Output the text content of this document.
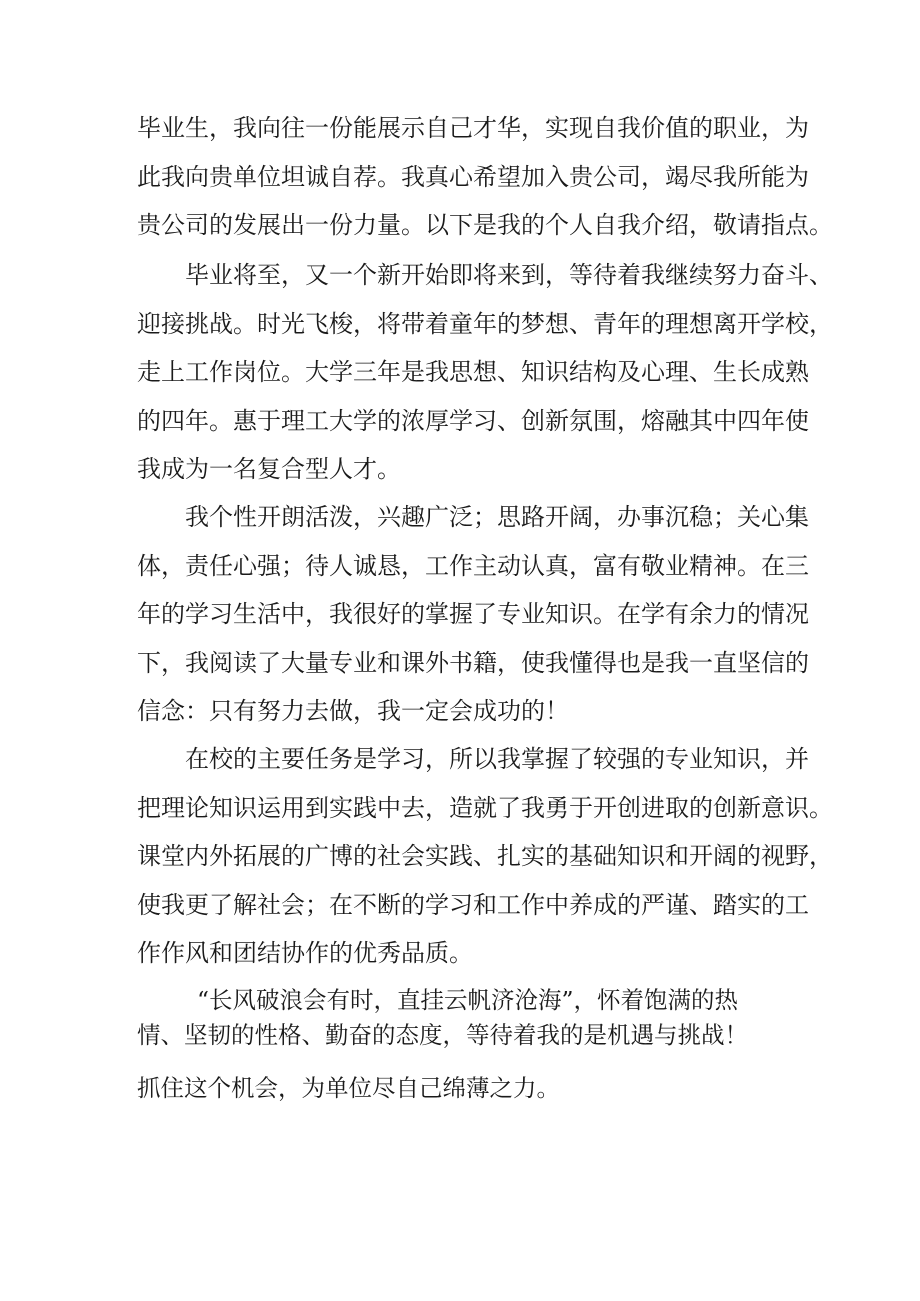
毕业生，我向往一份能展示自己才华，实现自我价值的职业，为
此我向贵单位坦诚自荐。我真心希望加入贵公司，竭尽我所能为
贵公司的发展出一份力量。以下是我的个人自我介绍，敬请指点。
毕业将至，又一个新开始即将来到，等待着我继续努力奋斗、
迎接挑战。时光飞梭，将带着童年的梦想、青年的理想离开学校，
走上工作岗位。大学三年是我思想、知识结构及心理、生长成熟
的四年。惠于理工大学的浓厚学习、创新氛围，熔融其中四年使
我成为一名复合型人才。
我个性开朗活泼，兴趣广泛；思路开阔，办事沉稳；关心集
体，责任心强；待人诚恳，工作主动认真，富有敬业精神。在三
年的学习生活中，我很好的掌握了专业知识。在学有余力的情况
下，我阅读了大量专业和课外书籍，使我懂得也是我一直坚信的
信念：只有努力去做，我一定会成功的！
在校的主要任务是学习，所以我掌握了较强的专业知识，并
把理论知识运用到实践中去，造就了我勇于开创进取的创新意识。
课堂内外拓展的广博的社会实践、扎实的基础知识和开阔的视野，
使我更了解社会；在不断的学习和工作中养成的严谨、踏实的工
作作风和团结协作的优秀品质。
“长风破浪会有时，直挂云帆济沧海”，怀着饱满的热
情、坚韧的性格、勤奋的态度，等待着我的是机遇与挑战！
抓住这个机会，为单位尽自己绵薄之力。
